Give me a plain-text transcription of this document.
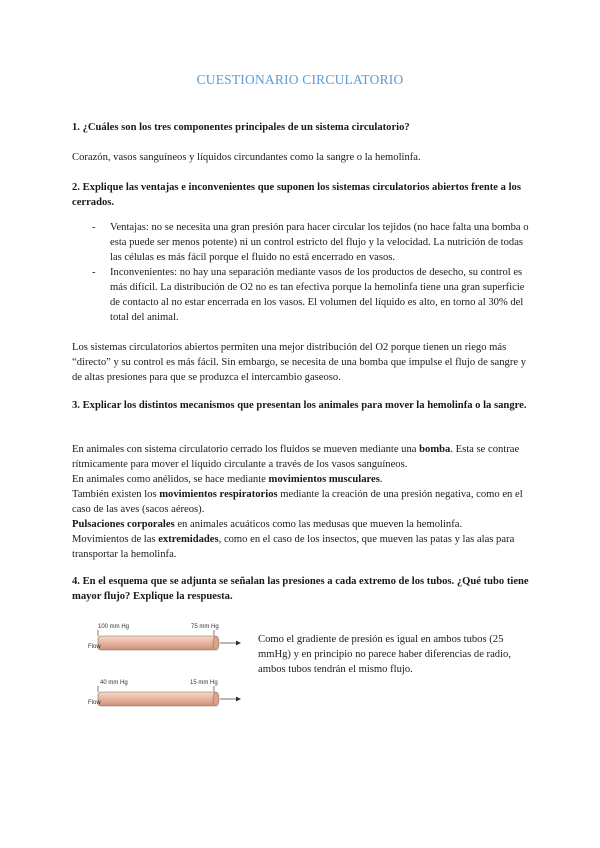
CUESTIONARIO CIRCULATORIO

1. ¿Cuáles son los tres componentes principales de un sistema circulatorio?

Corazón, vasos sanguíneos y líquidos circundantes como la sangre o la hemolinfa.

2. Explique las ventajas e inconvenientes que suponen los sistemas circulatorios abiertos frente a los cerrados.

- Ventajas: no se necesita una gran presión para hacer circular los tejidos (no hace falta una bomba o esta puede ser menos potente) ni un control estricto del flujo y la velocidad. La nutrición de todas las células es más fácil porque el fluido no está encerrado en vasos.
- Inconvenientes: no hay una separación mediante vasos de los productos de desecho, su control es más difícil. La distribución de O2 no es tan efectiva porque la hemolinfa tiene una gran superficie de contacto al no estar encerrada en los vasos. El volumen del líquido es alto, en torno al 30% del total del animal.

Los sistemas circulatorios abiertos permiten una mejor distribución del O2 porque tienen un riego más “directo” y su control es más fácil. Sin embargo, se necesita de una bomba que impulse el flujo de sangre y de altas presiones para que se produzca el intercambio gaseoso.

3. Explicar los distintos mecanismos que presentan los animales para mover la hemolinfa o la sangre.

En animales con sistema circulatorio cerrado los fluidos se mueven mediante una bomba. Esta se contrae rítmicamente para mover el líquido circulante a través de los vasos sanguíneos.

En animales como anélidos, se hace mediante movimientos musculares.

También existen los movimientos respiratorios mediante la creación de una presión negativa, como en el caso de las aves (sacos aéreos).

Pulsaciones corporales en animales acuáticos como las medusas que mueven la hemolinfa.

Movimientos de las extremidades, como en el caso de los insectos, que mueven las patas y las alas para transportar la hemolinfa.

4. En el esquema que se adjunta se señalan las presiones a cada extremo de los tubos. ¿Qué tubo tiene mayor flujo? Explique la respuesta.

100 mm Hg	75 mm Hg
Flow
40 mm Hg	15 mm Hg
Flow

Como el gradiente de presión es igual en ambos tubos (25 mmHg) y en principio no parece haber diferencias de radio, ambos tubos tendrán el mismo flujo.
